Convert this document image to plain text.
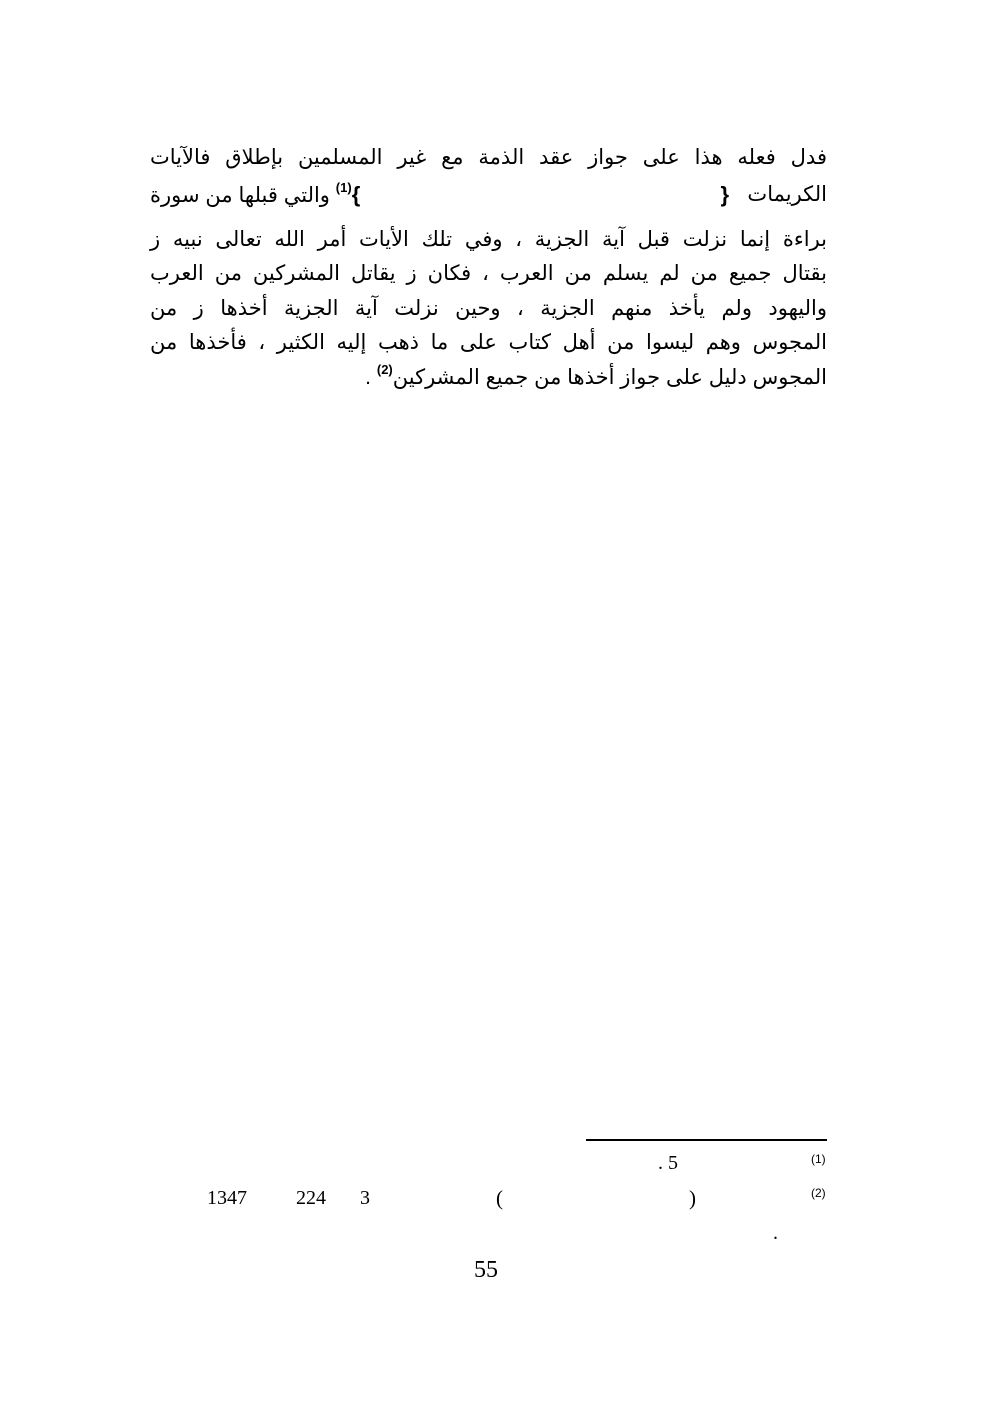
فدل فعله هذا على جواز عقد الذمة مع غير المسلمين بإطلاق فالآيات
الكريمات
{
}$^{(1)}$ والتي قبلها من سورة
براءة إنما نزلت قبل آية الجزية ، وفي تلك الأيات أمر الله تعالى نبيه ز
بقتال جميع من لم يسلم من العرب ، فكان ز يقاتل المشركين من العرب
واليهود ولم يأخذ منهم الجزية ، وحين نزلت آية الجزية أخذها ز من
المجوس وهم ليسوا من أهل كتاب على ما ذهب إليه الكثير ، فأخذها من
المجوس دليل على جواز أخذها من جميع المشركين$^{(2)}$ .
(1)
. 5
(2)
)
(
3
224
1347
.
55
